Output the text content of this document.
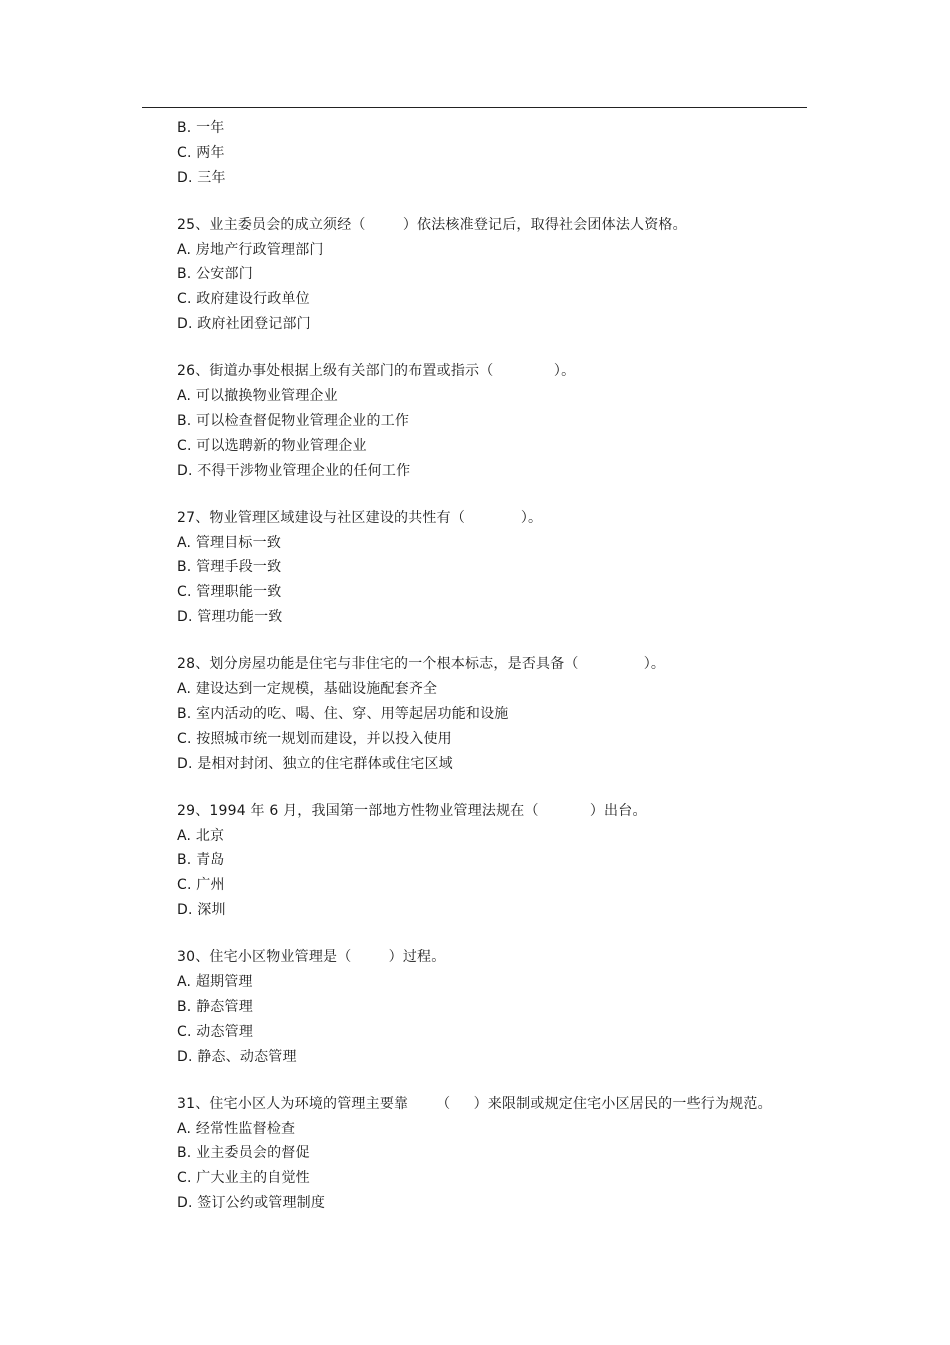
B. 一年
C. 两年
D. 三年
25、业主委员会的成立须经（        ）依法核准登记后，取得社会团体法人资格。
A. 房地产行政管理部门
B. 公安部门
C. 政府建设行政单位
D. 政府社团登记部门
26、街道办事处根据上级有关部门的布置或指示（             ）。
A. 可以撤换物业管理企业
B. 可以检查督促物业管理企业的工作
C. 可以选聘新的物业管理企业
D. 不得干涉物业管理企业的任何工作
27、物业管理区域建设与社区建设的共性有（            ）。
A. 管理目标一致
B. 管理手段一致
C. 管理职能一致
D. 管理功能一致
28、划分房屋功能是住宅与非住宅的一个根本标志，是否具备（              ）。
A. 建设达到一定规模，基础设施配套齐全
B. 室内活动的吃、喝、住、穿、用等起居功能和设施
C. 按照城市统一规划而建设，并以投入使用
D. 是相对封闭、独立的住宅群体或住宅区域
29、1994 年 6 月，我国第一部地方性物业管理法规在（           ）出台。
A. 北京
B. 青岛
C. 广州
D. 深圳
30、住宅小区物业管理是（        ）过程。
A. 超期管理
B. 静态管理
C. 动态管理
D. 静态、动态管理
31、住宅小区人为环境的管理主要靠      （     ）来限制或规定住宅小区居民的一些行为规范。
A. 经常性监督检查
B. 业主委员会的督促
C. 广大业主的自觉性
D. 签订公约或管理制度
